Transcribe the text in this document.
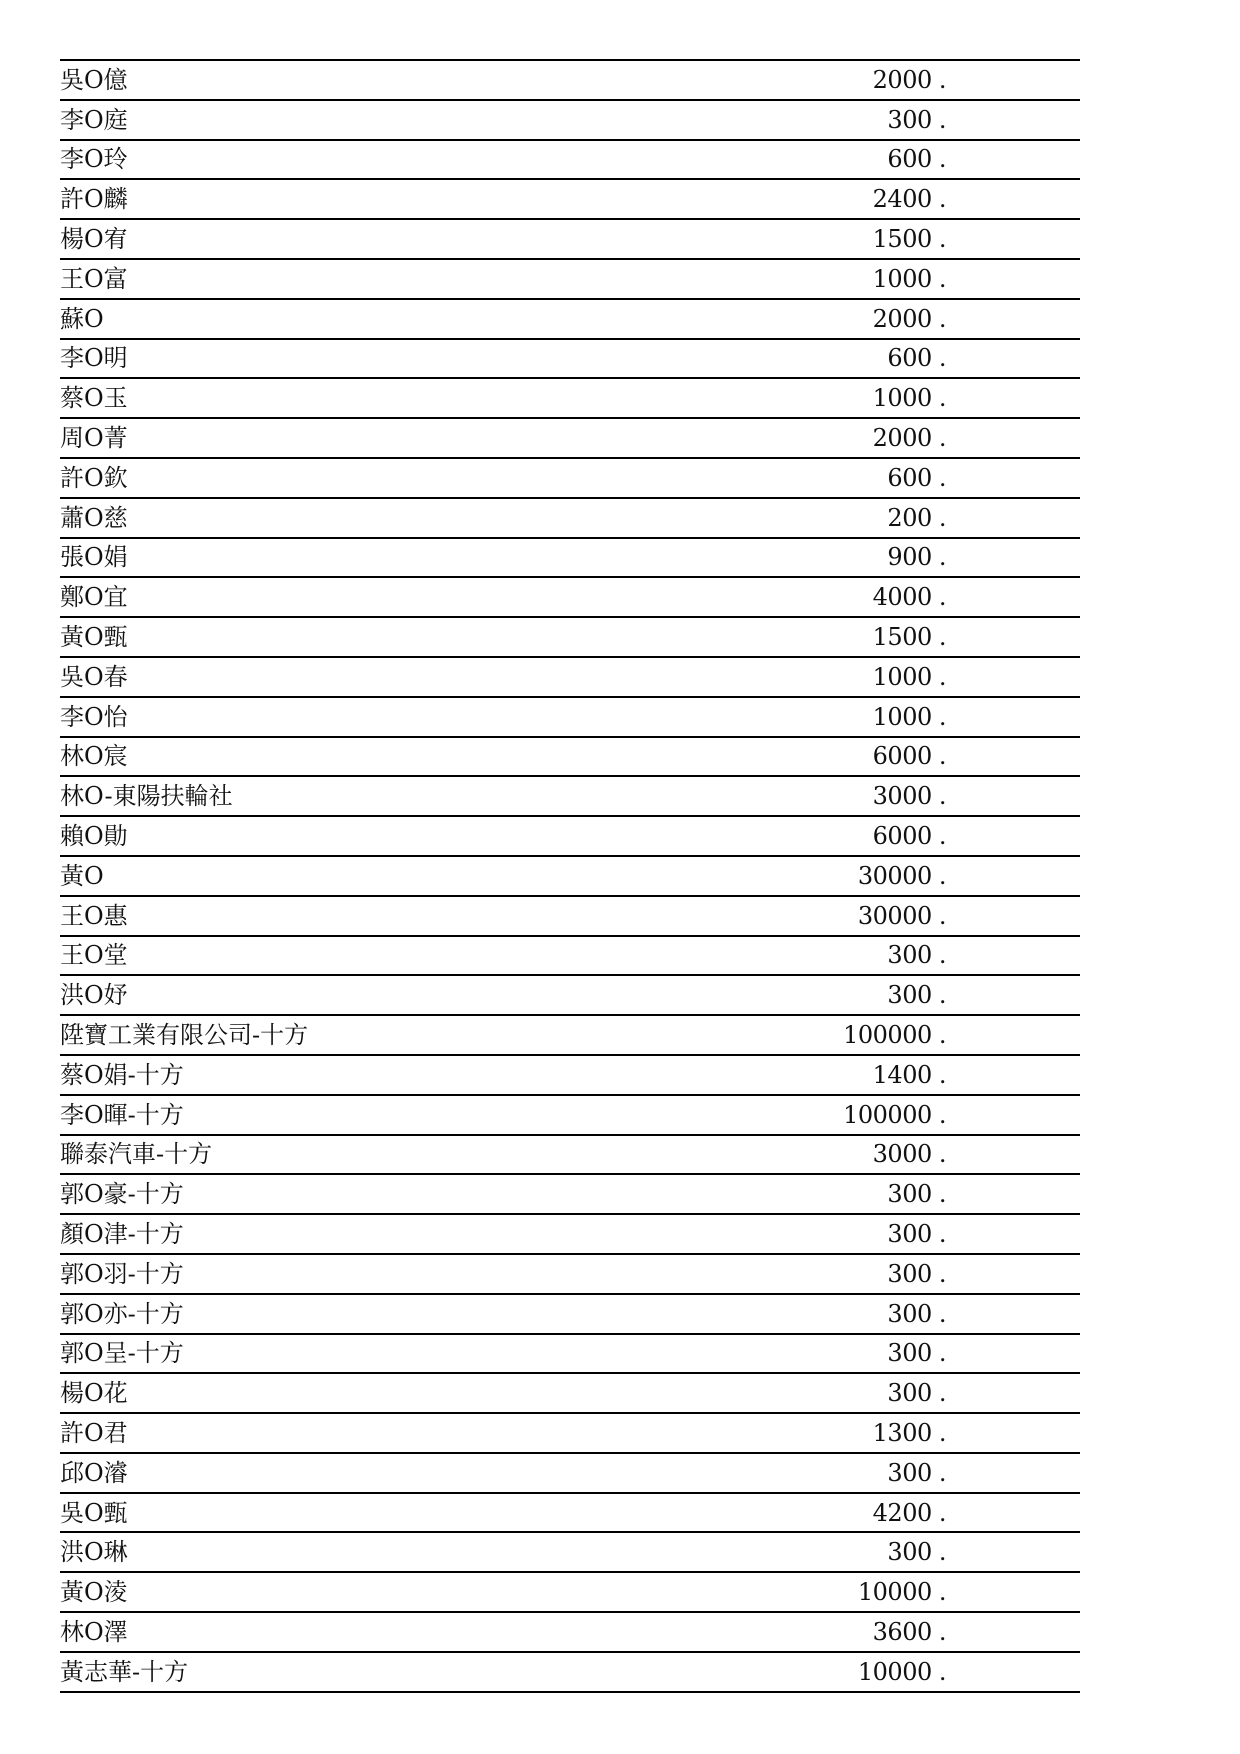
吳O億	2000 .	
李O庭	300 .	
李O玲	600 .	
許O麟	2400 .	
楊O宥	1500 .	
王O富	1000 .	
蘇O	2000 .	
李O明	600 .	
蔡O玉	1000 .	
周O菁	2000 .	
許O欽	600 .	
蕭O慈	200 .	
張O娟	900 .	
鄭O宜	4000 .	
黃O甄	1500 .	
吳O春	1000 .	
李O怡	1000 .	
林O宸	6000 .	
林O-東陽扶輪社	3000 .	
賴O勛	6000 .	
黃O	30000 .	
王O惠	30000 .	
王O堂	300 .	
洪O妤	300 .	
陞寶工業有限公司-十方	100000 .	
蔡O娟-十方	1400 .	
李O暉-十方	100000 .	
聯泰汽車-十方	3000 .	
郭O豪-十方	300 .	
顏O津-十方	300 .	
郭O羽-十方	300 .	
郭O亦-十方	300 .	
郭O呈-十方	300 .	
楊O花	300 .	
許O君	1300 .	
邱O濬	300 .	
吳O甄	4200 .	
洪O琳	300 .	
黃O淩	10000 .	
林O澤	3600 .	
黃志華-十方	10000 .	
